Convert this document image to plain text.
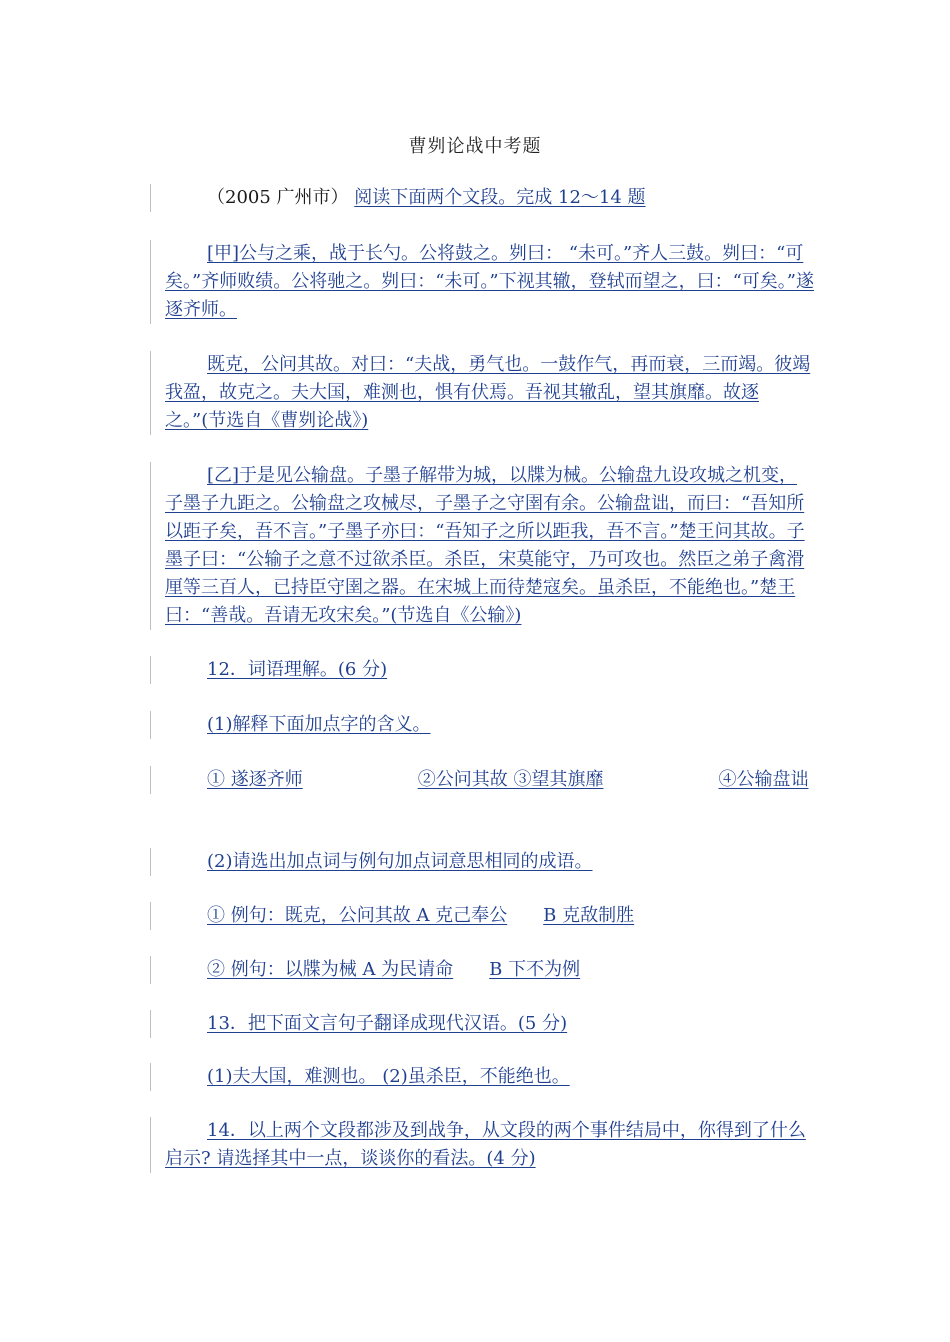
曹刿论战中考题
（2005 广州市） 阅读下面两个文段。完成 12～14 题
[甲]公与之乘，战于长勺。公将鼓之。刿曰： “未可。”齐人三鼓。刿曰：“可矣。”齐师败绩。公将驰之。刿曰：“未可。”下视其辙，登轼而望之，曰：“可矣。”遂逐齐师。
既克，公问其故。对曰：“夫战，勇气也。一鼓作气，再而衰，三而竭。彼竭我盈，故克之。夫大国，难测也，惧有伏焉。吾视其辙乱，望其旗靡。故逐之。”(节选自《曹刿论战》)
[乙]于是见公输盘。子墨子解带为城，以牒为械。公输盘九设攻城之机变，子墨子九距之。公输盘之攻械尽，子墨子之守圉有余。公输盘诎，而曰：“吾知所以距子矣，吾不言。”子墨子亦曰：“吾知子之所以距我，吾不言。”楚王问其故。子墨子曰：“公输子之意不过欲杀臣。杀臣，宋莫能守，乃可攻也。然臣之弟子禽滑厘等三百人，已持臣守圉之器。在宋城上而待楚寇矣。虽杀臣，不能绝也。”楚王曰：“善哉。吾请无攻宋矣。”(节选自《公输》)
12．词语理解。(6 分)
(1)解释下面加点字的含义。
① 遂逐齐师	②公问其故 ③望其旗靡	④公输盘诎
(2)请选出加点词与例句加点词意思相同的成语。
① 例句：既克，公问其故 A 克己奉公 B 克敌制胜
② 例句：以牒为械 A 为民请命 B 下不为例
13．把下面文言句子翻译成现代汉语。(5 分)
(1)夫大国，难测也。 (2)虽杀臣，不能绝也。
14．以上两个文段都涉及到战争，从文段的两个事件结局中，你得到了什么启示? 请选择其中一点，谈谈你的看法。(4 分)
